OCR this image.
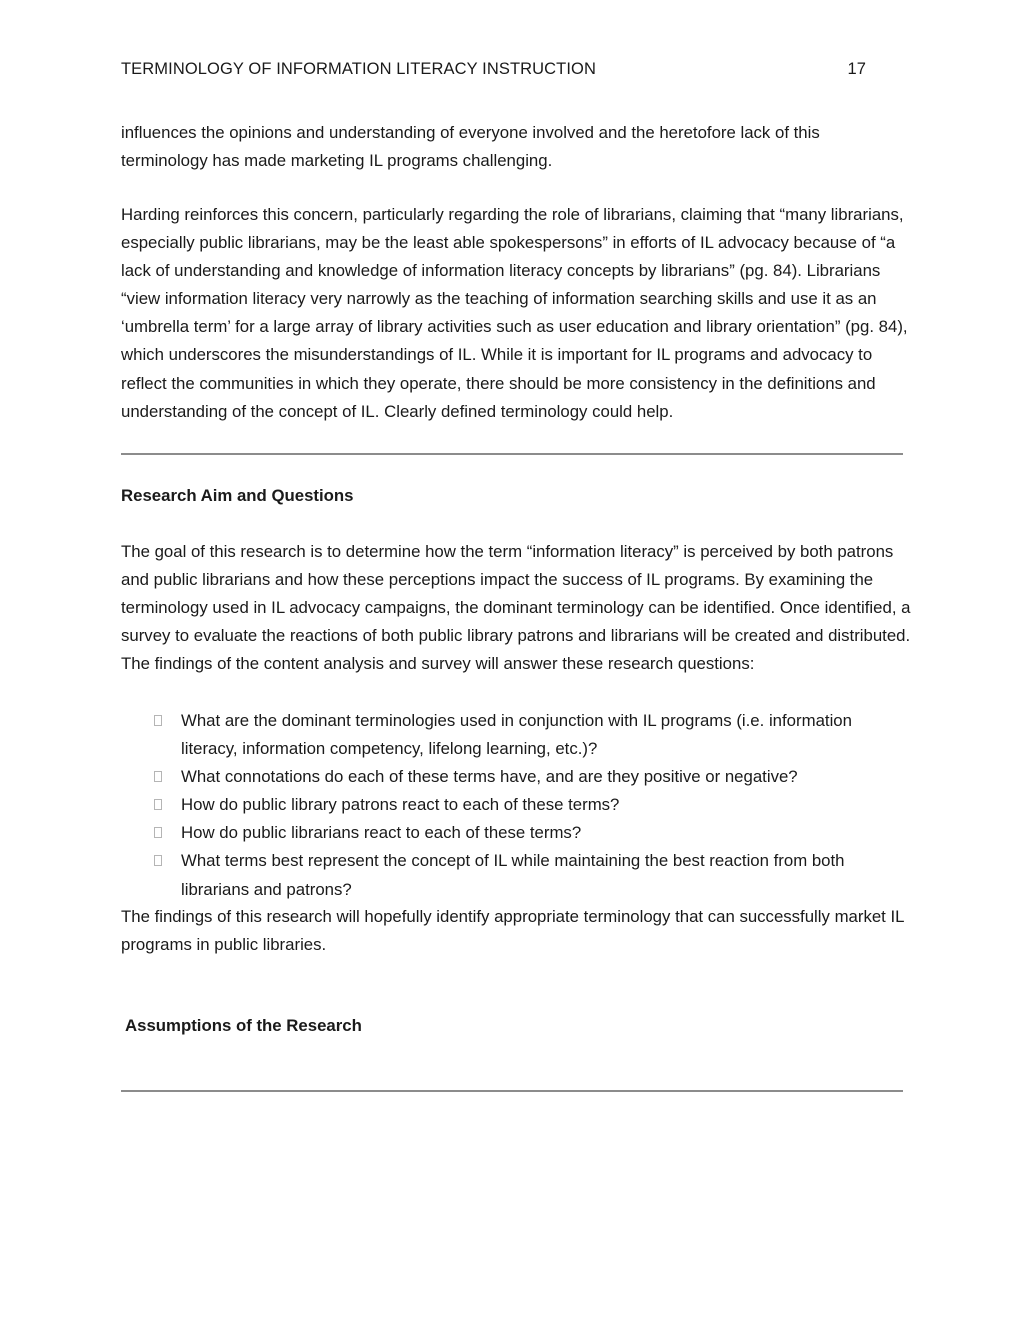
TERMINOLOGY OF INFORMATION LITERACY INSTRUCTION	17

influences the opinions and understanding of everyone involved and the heretofore lack of this terminology has made marketing IL programs challenging.

Harding reinforces this concern, particularly regarding the role of librarians, claiming that “many librarians, especially public librarians, may be the least able spokespersons” in efforts of IL advocacy because of “a lack of understanding and knowledge of information literacy concepts by librarians” (pg. 84). Librarians “view information literacy very narrowly as the teaching of information searching skills and use it as an ‘umbrella term’ for a large array of library activities such as user education and library orientation” (pg. 84), which underscores the misunderstandings of IL. While it is important for IL programs and advocacy to reflect the communities in which they operate, there should be more consistency in the definitions and understanding of the concept of IL. Clearly defined terminology could help.

Research Aim and Questions

The goal of this research is to determine how the term “information literacy” is perceived by both patrons and public librarians and how these perceptions impact the success of IL programs. By examining the terminology used in IL advocacy campaigns, the dominant terminology can be identified. Once identified, a survey to evaluate the reactions of both public library patrons and librarians will be created and distributed. The findings of the content analysis and survey will answer these research questions:

What are the dominant terminologies used in conjunction with IL programs (i.e. information literacy, information competency, lifelong learning, etc.)?
What connotations do each of these terms have, and are they positive or negative?
How do public library patrons react to each of these terms?
How do public librarians react to each of these terms?
What terms best represent the concept of IL while maintaining the best reaction from both librarians and patrons?

The findings of this research will hopefully identify appropriate terminology that can successfully market IL programs in public libraries.

Assumptions of the Research
